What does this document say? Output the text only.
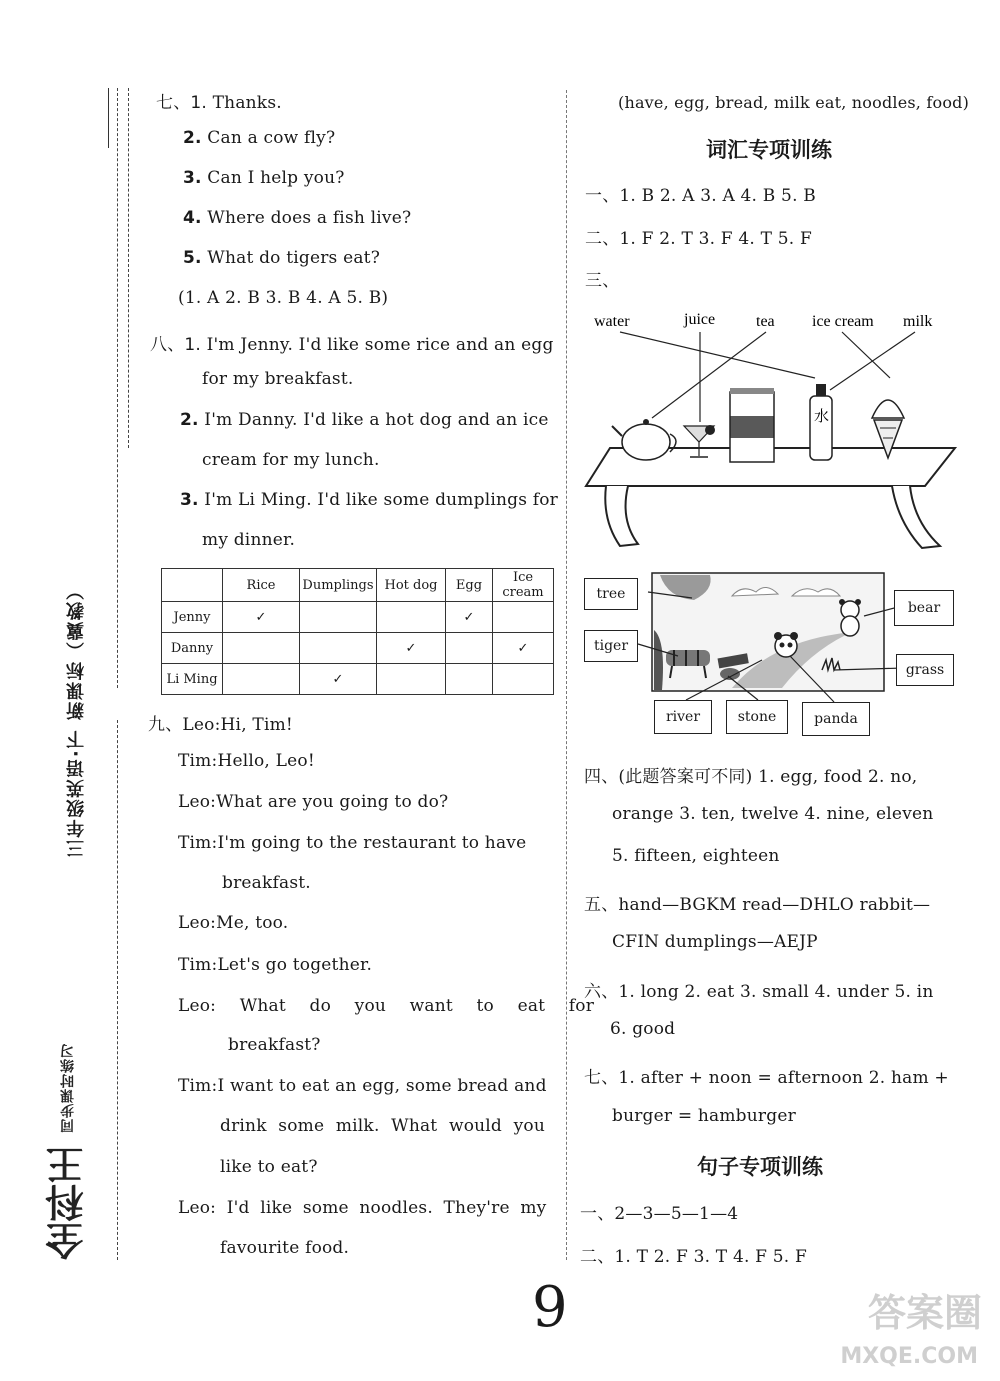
三年级英语·下 新课标（冀教）
全科王 同步课时练习
七、1. Thanks.
2. Can a cow fly?
3. Can I help you?
4. Where does a fish live?
5. What do tigers eat?
(1. A 2. B 3. B 4. A 5. B)
八、1. I'm Jenny. I'd like some rice and an egg
for my breakfast.
2. I'm Danny. I'd like a hot dog and an ice
cream for my lunch.
3. I'm Li Ming. I'd like some dumplings for
my dinner.
	Rice	Dumplings	Hot dog	Egg	Ice cream
Jenny	✓			✓	
Danny			✓		✓
Li Ming		✓			
九、Leo:Hi, Tim!
Tim:Hello, Leo!
Leo:What are you going to do?
Tim:I'm going to the restaurant to have
breakfast.
Leo:Me, too.
Tim:Let's go together.
Leo: What do you want to eat for
breakfast?
Tim:I want to eat an egg, some bread and
drink some milk. What would you
like to eat?
Leo: I'd like some noodles. They're my
favourite food.
(have, egg, bread, milk eat, noodles, food)
词汇专项训练
一、1. B 2. A 3. A 4. B 5. B
二、1. F 2. T 3. F 4. T 5. F
三、
water	juice	tea ice cream milk
水
tree
tiger
bear
grass
river	stone	panda
四、(此题答案可不同) 1. egg, food 2. no,
orange 3. ten, twelve 4. nine, eleven
5. fifteen, eighteen
五、hand—BGKM read—DHLO rabbit—
CFIN dumplings—AEJP
六、1. long 2. eat 3. small 4. under 5. in
6. good
七、1. after + noon = afternoon 2. ham +
burger = hamburger
句子专项训练
一、2—3—5—1—4
二、1. T 2. F 3. T 4. F 5. F
9	答案圈
MXQE.COM
